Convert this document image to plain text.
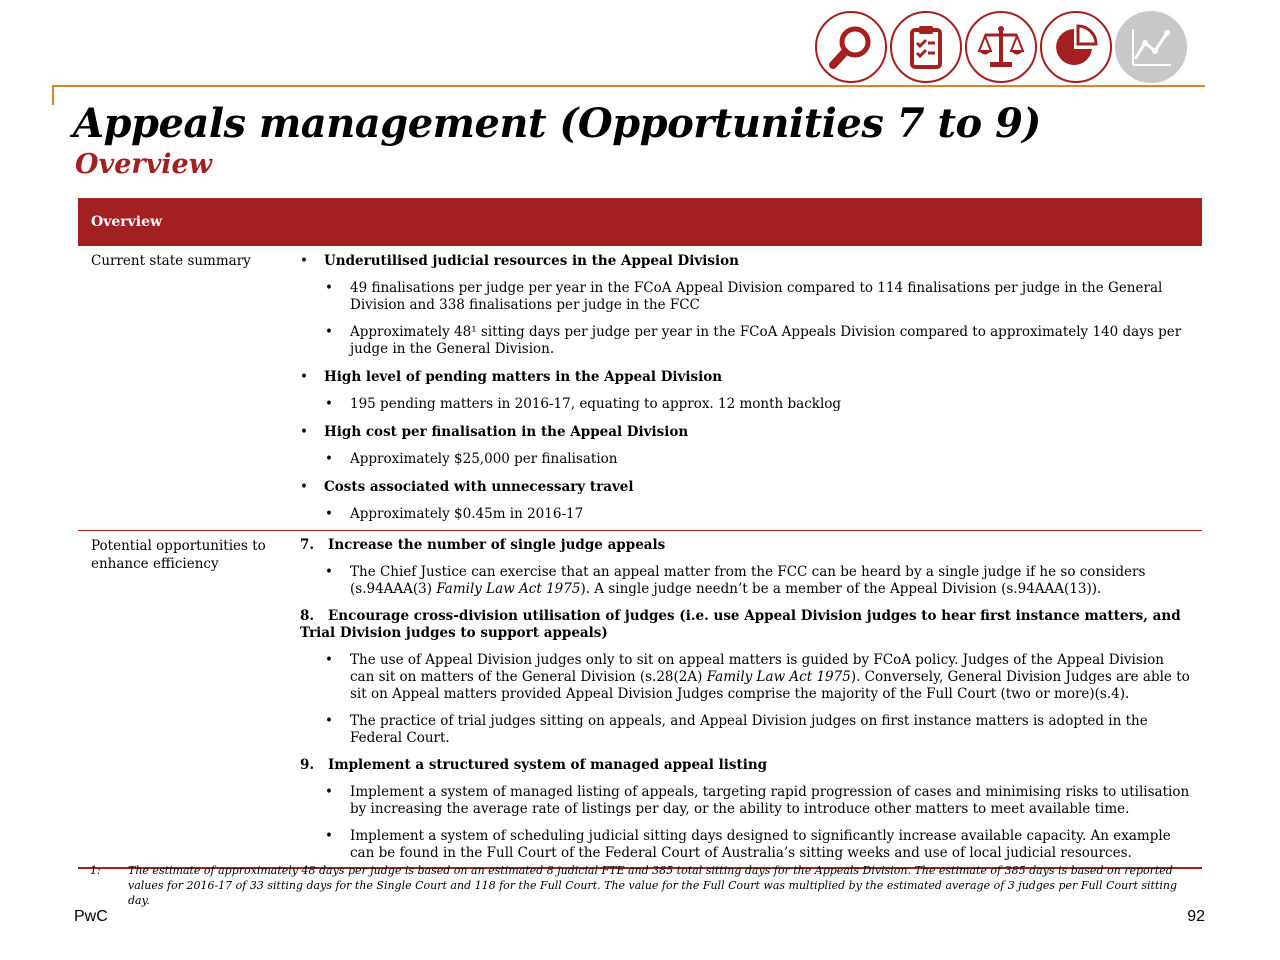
Appeals management (Opportunities 7 to 9)
Overview
Overview
Current state summary
•	Underutilised judicial resources in the Appeal Division
• 49 finalisations per judge per year in the FCoA Appeal Division compared to 114 finalisations per judge in the General Division and 338 finalisations per judge in the FCC
• Approximately 48¹ sitting days per judge per year in the FCoA Appeals Division compared to approximately 140 days per judge in the General Division.
• High level of pending matters in the Appeal Division
• 195 pending matters in 2016-17, equating to approx. 12 month backlog
• High cost per finalisation in the Appeal Division
• Approximately $25,000 per finalisation
• Costs associated with unnecessary travel
• Approximately $0.45m in 2016-17
Potential opportunities to enhance efficiency
7. Increase the number of single judge appeals
• The Chief Justice can exercise that an appeal matter from the FCC can be heard by a single judge if he so considers (s.94AAA(3) Family Law Act 1975). A single judge needn’t be a member of the Appeal Division (s.94AAA(13)).
8. Encourage cross-division utilisation of judges (i.e. use Appeal Division judges to hear first instance matters, and Trial Division judges to support appeals)
• The use of Appeal Division judges only to sit on appeal matters is guided by FCoA policy. Judges of the Appeal Division can sit on matters of the General Division (s.28(2A) Family Law Act 1975). Conversely, General Division Judges are able to sit on Appeal matters provided Appeal Division Judges comprise the majority of the Full Court (two or more)(s.4).
• The practice of trial judges sitting on appeals, and Appeal Division judges on first instance matters is adopted in the Federal Court.
9. Implement a structured system of managed appeal listing
• Implement a system of managed listing of appeals, targeting rapid progression of cases and minimising risks to utilisation by increasing the average rate of listings per day, or the ability to introduce other matters to meet available time.
• Implement a system of scheduling judicial sitting days designed to significantly increase available capacity. An example can be found in the Full Court of the Federal Court of Australia’s sitting weeks and use of local judicial resources.
1:	The estimate of approximately 48 days per judge is based on an estimated 8 judicial FTE and 385 total sitting days for the Appeals Division. The estimate of 385 days is based on reported values for 2016-17 of 33 sitting days for the Single Court and 118 for the Full Court. The value for the Full Court was multiplied by the estimated average of 3 judges per Full Court sitting day.
PwC	92
